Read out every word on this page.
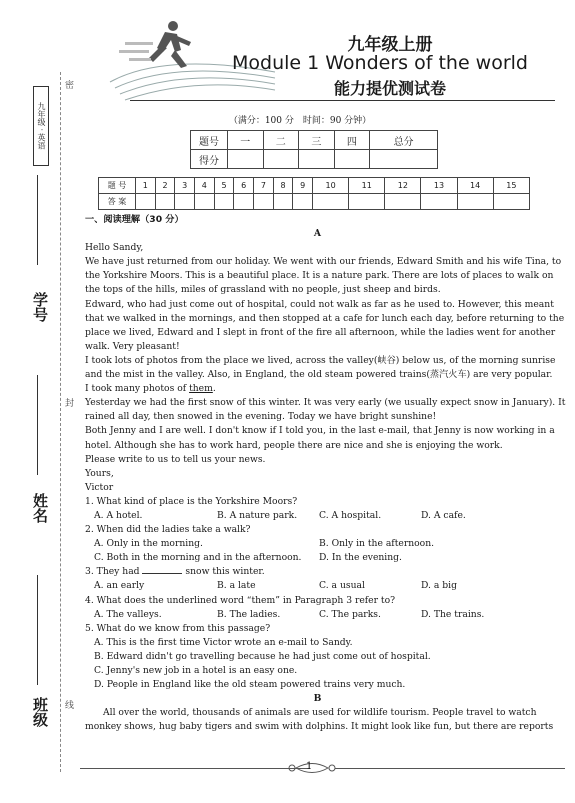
九年级 · 英语
密
封
线
学号
姓名
班级
九年级上册
Module 1 Wonders of the world
能力提优测试卷
（满分：100 分　时间：90 分钟）
题号	一	二	三	四	总分
得分					
题 号	1	2	3	4	5	6	7	8	9	10	11	12	13	14	15
答 案															

一、阅读理解（30 分）

A

Hello Sandy,

We have just returned from our holiday. We went with our friends, Edward Smith and his wife Tina, to

the Yorkshire Moors. This is a beautiful place. It is a nature park. There are lots of places to walk on

the tops of the hills, miles of grassland with no people, just sheep and birds.

Edward, who had just come out of hospital, could not walk as far as he used to. However, this meant

that we walked in the mornings, and then stopped at a cafe for lunch each day, before returning to the

place we lived, Edward and I slept in front of the fire all afternoon, while the ladies went for another

walk. Very pleasant!

I took lots of photos from the place we lived, across the valley(峡谷) below us, of the morning sunrise

and the mist in the valley. Also, in England, the old steam powered trains(蒸汽火车) are very popular.

I took many photos of them.

Yesterday we had the first snow of this winter. It was very early (we usually expect snow in January). It

rained all day, then snowed in the evening. Today we have bright sunshine!

Both Jenny and I are well. I don't know if I told you, in the last e-mail, that Jenny is now working in a

hotel. Although she has to work hard, people there are nice and she is enjoying the work.

Please write to us to tell us your news.

Yours,

Victor

1. What kind of place is the Yorkshire Moors?

A. A hotel.	B. A nature park.	C. A hospital.	D. A cafe.

2. When did the ladies take a walk?

A. Only in the morning.	B. Only in the afternoon.

C. Both in the morning and in the afternoon.	D. In the evening.

3. They had	snow this winter.

A. an early	B. a late	C. a usual	D. a big

4. What does the underlined word “them” in Paragraph 3 refer to?

A. The valleys.	B. The ladies.	C. The parks.	D. The trains.

5. What do we know from this passage?

A. This is the first time Victor wrote an e-mail to Sandy.

B. Edward didn't go travelling because he had just come out of hospital.

C. Jenny's new job in a hotel is an easy one.

D. People in England like the old steam powered trains very much.

B

All over the world, thousands of animals are used for wildlife tourism. People travel to watch

monkey shows, hug baby tigers and swim with dolphins. It might look like fun, but there are reports

1
